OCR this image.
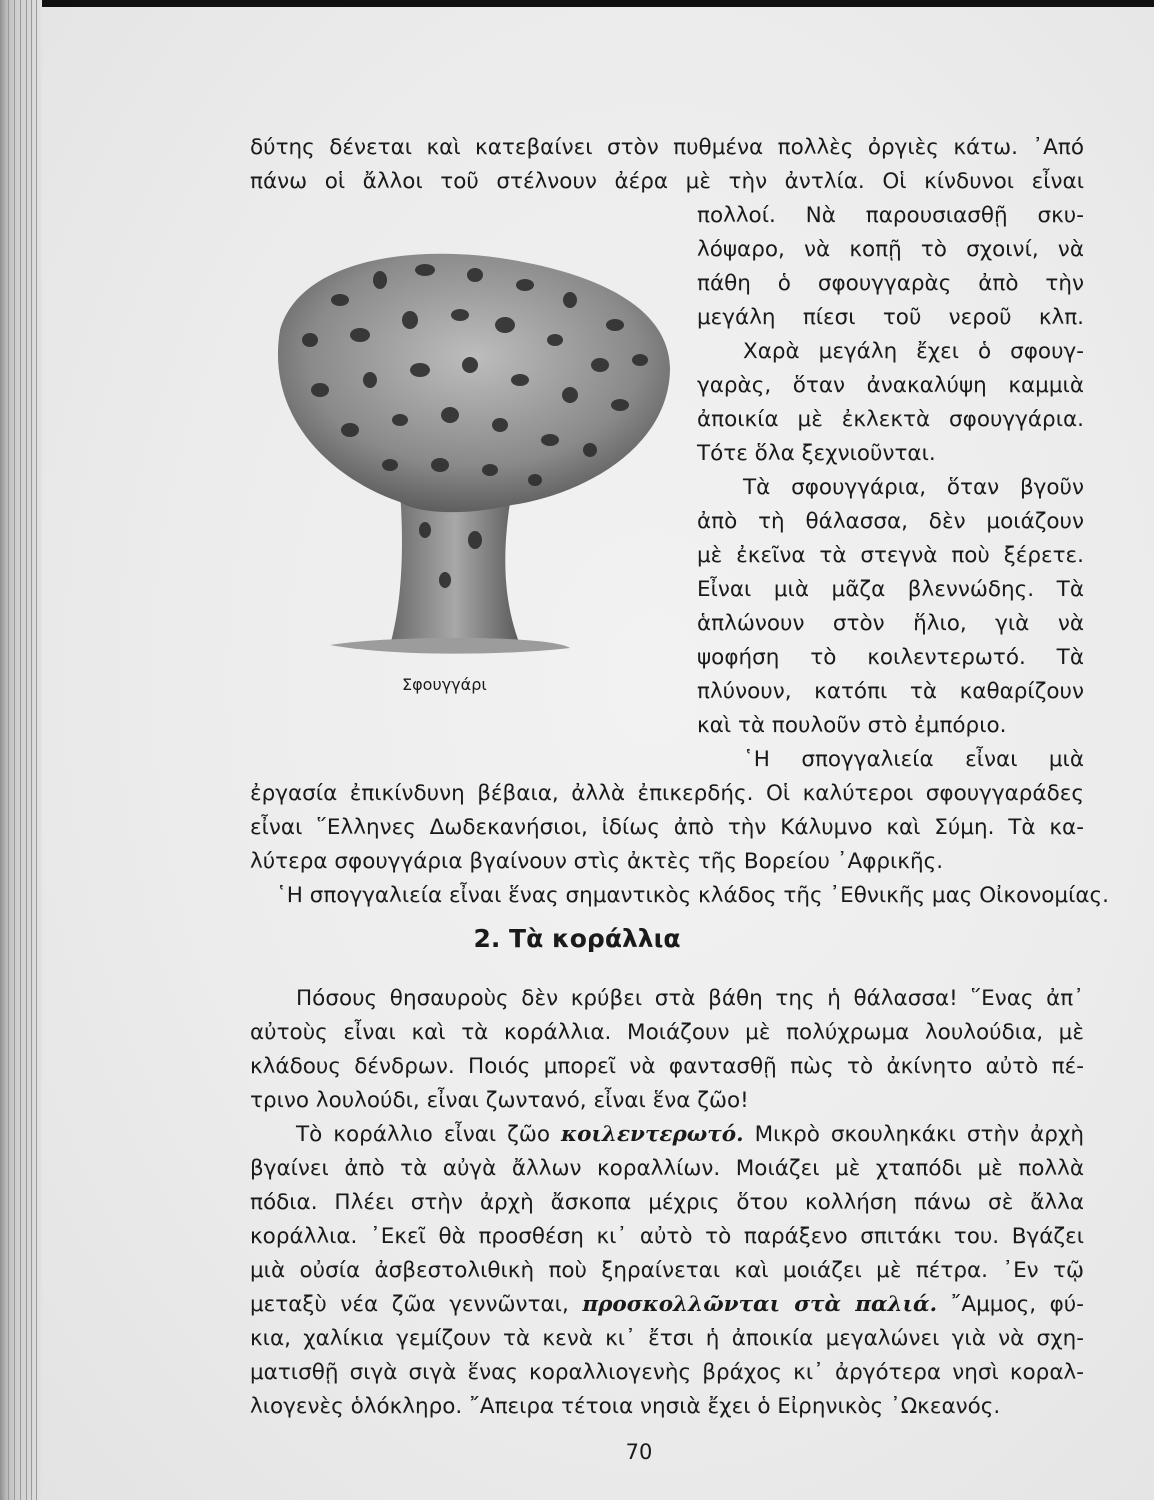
Σφουγγάρι
δύτης δένεται καὶ κατεβαίνει στὸν πυθμένα πολλὲς ὀργιὲς κάτω. ᾿Από
πάνω οἱ ἄλλοι τοῦ στέλνουν ἀέρα μὲ τὴν ἀντλία. Οἱ κίνδυνοι εἶναι
πολλοί. Νὰ παρουσιασθῇ σκυ-
λόψαρο, νὰ κοπῇ τὸ σχοινί, νὰ
πάθη ὁ σφουγγαρὰς ἀπὸ τὴν
μεγάλη πίεσι τοῦ νεροῦ κλπ.
Χαρὰ μεγάλη ἔχει ὁ σφουγ-
γαρὰς, ὅταν ἀνακαλύψη καμμιὰ
ἀποικία μὲ ἐκλεκτὰ σφουγγάρια.
Τότε ὅλα ξεχνιοῦνται.
Τὰ σφουγγάρια, ὅταν βγοῦν
ἀπὸ τὴ θάλασσα, δὲν μοιάζουν
μὲ ἐκεῖνα τὰ στεγνὰ ποὺ ξέρετε.
Εἶναι μιὰ μᾶζα βλεννώδης. Τὰ
ἁπλώνουν στὸν ἥλιο, γιὰ νὰ
ψοφήση τὸ κοιλεντερωτό. Τὰ
πλύνουν, κατόπι τὰ καθαρίζουν
καὶ τὰ πουλοῦν στὸ ἐμπόριο.
῾Η σπογγαλιεία εἶναι μιὰ
ἐργασία ἐπικίνδυνη βέβαια, ἀλλὰ ἐπικερδής. Οἱ καλύτεροι σφουγγαράδες
εἶναι ῞Ελληνες Δωδεκανήσιοι, ἰδίως ἀπὸ τὴν Κάλυμνο καὶ Σύμη. Τὰ κα-
λύτερα σφουγγάρια βγαίνουν στὶς ἀκτὲς τῆς Βορείου ᾿Αφρικῆς.
῾Η σπογγαλιεία εἶναι ἕνας σημαντικὸς κλάδος τῆς ᾿Εθνικῆς μας Οἰκονομίας.
2. Τὰ κοράλλια
Πόσους θησαυροὺς δὲν κρύβει στὰ βάθη της ἡ θάλασσα! ῞Ενας ἀπ᾿
αὐτοὺς εἶναι καὶ τὰ κοράλλια. Μοιάζουν μὲ πολύχρωμα λουλούδια, μὲ
κλάδους δένδρων. Ποιός μπορεῖ νὰ φαντασθῇ πὼς τὸ ἀκίνητο αὐτὸ πέ-
τρινο λουλούδι, εἶναι ζωντανό, εἶναι ἕνα ζῶο!
Τὸ κοράλλιο εἶναι ζῶο κοιλεντερωτό. Μικρὸ σκουληκάκι στὴν ἀρχὴ
βγαίνει ἀπὸ τὰ αὐγὰ ἄλλων κοραλλίων. Μοιάζει μὲ χταπόδι μὲ πολλὰ
πόδια. Πλέει στὴν ἀρχὴ ἄσκοπα μέχρις ὅτου κολλήση πάνω σὲ ἄλλα
κοράλλια. ᾿Εκεῖ θὰ προσθέση κι᾿ αὐτὸ τὸ παράξενο σπιτάκι του. Βγάζει
μιὰ οὐσία ἀσβεστολιθικὴ ποὺ ξηραίνεται καὶ μοιάζει μὲ πέτρα. ᾿Εν τῷ
μεταξὺ νέα ζῶα γεννῶνται, προσκολλῶνται στὰ παλιά. ῎Αμμος, φύ-
κια, χαλίκια γεμίζουν τὰ κενὰ κι᾿ ἔτσι ἡ ἀποικία μεγαλώνει γιὰ νὰ σχη-
ματισθῇ σιγὰ σιγὰ ἕνας κοραλλιογενὴς βράχος κι᾿ ἀργότερα νησὶ κοραλ-
λιογενὲς ὁλόκληρο. ῎Απειρα τέτοια νησιὰ ἔχει ὁ Εἰρηνικὸς ᾿Ωκεανός.
70
